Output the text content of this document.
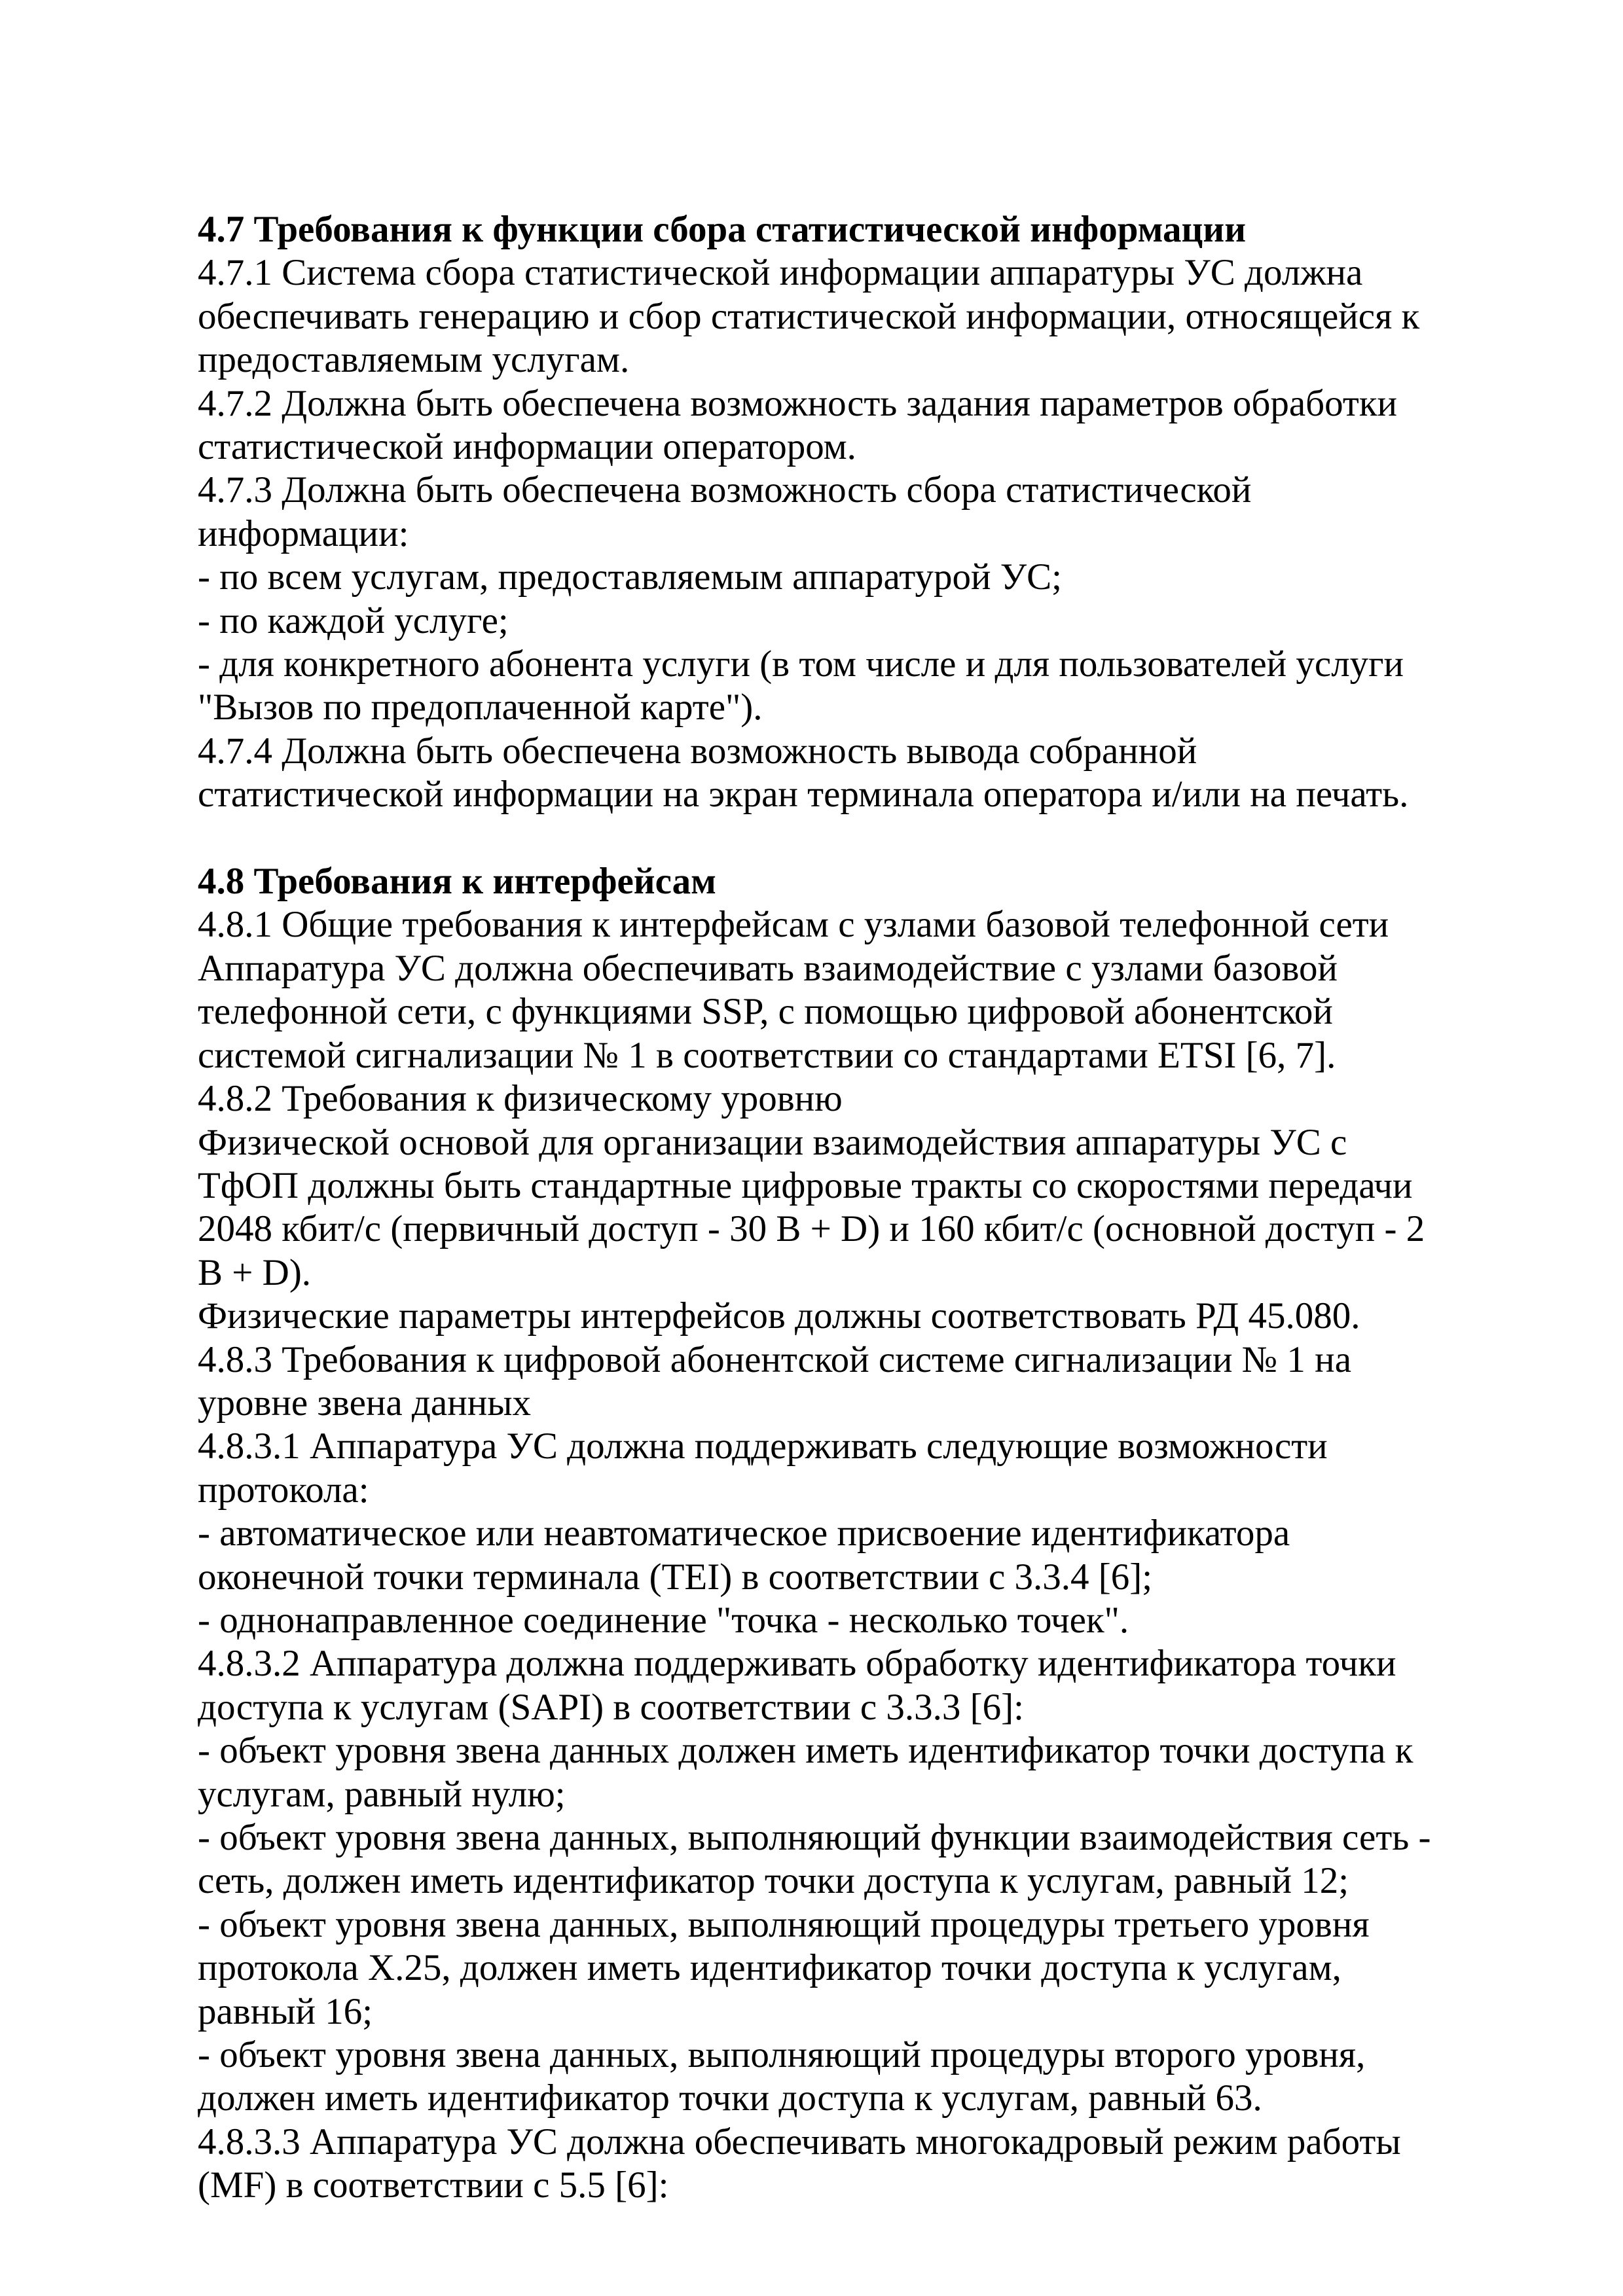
4.7 Требования к функции сбора статистической информации
4.7.1 Система сбора статистической информации аппаратуры УС должна
обеспечивать генерацию и сбор статистической информации, относящейся к
предоставляемым услугам.
4.7.2 Должна быть обеспечена возможность задания параметров обработки
статистической информации оператором.
4.7.3 Должна быть обеспечена возможность сбора статистической
информации:
- по всем услугам, предоставляемым аппаратурой УС;
- по каждой услуге;
- для конкретного абонента услуги (в том числе и для пользователей услуги
"Вызов по предоплаченной карте").
4.7.4 Должна быть обеспечена возможность вывода собранной
статистической информации на экран терминала оператора и/или на печать.
4.8 Требования к интерфейсам
4.8.1 Общие требования к интерфейсам с узлами базовой телефонной сети
Аппаратура УС должна обеспечивать взаимодействие с узлами базовой
телефонной сети, с функциями SSP, с помощью цифровой абонентской
системой сигнализации № 1 в соответствии со стандартами ETSI [6, 7].
4.8.2 Требования к физическому уровню
Физической основой для организации взаимодействия аппаратуры УС с
ТфОП должны быть стандартные цифровые тракты со скоростями передачи
2048 кбит/с (первичный доступ - 30 B + D) и 160 кбит/с (основной доступ - 2
B + D).
Физические параметры интерфейсов должны соответствовать РД 45.080.
4.8.3 Требования к цифровой абонентской системе сигнализации № 1 на
уровне звена данных
4.8.3.1 Аппаратура УС должна поддерживать следующие возможности
протокола:
- автоматическое или неавтоматическое присвоение идентификатора
оконечной точки терминала (TEI) в соответствии с 3.3.4 [6];
- однонаправленное соединение "точка - несколько точек".
4.8.3.2 Аппаратура должна поддерживать обработку идентификатора точки
доступа к услугам (SAPI) в соответствии с 3.3.3 [6]:
- объект уровня звена данных должен иметь идентификатор точки доступа к
услугам, равный нулю;
- объект уровня звена данных, выполняющий функции взаимодействия сеть -
сеть, должен иметь идентификатор точки доступа к услугам, равный 12;
- объект уровня звена данных, выполняющий процедуры третьего уровня
протокола X.25, должен иметь идентификатор точки доступа к услугам,
равный 16;
- объект уровня звена данных, выполняющий процедуры второго уровня,
должен иметь идентификатор точки доступа к услугам, равный 63.
4.8.3.3 Аппаратура УС должна обеспечивать многокадровый режим работы
(MF) в соответствии с 5.5 [6]:
